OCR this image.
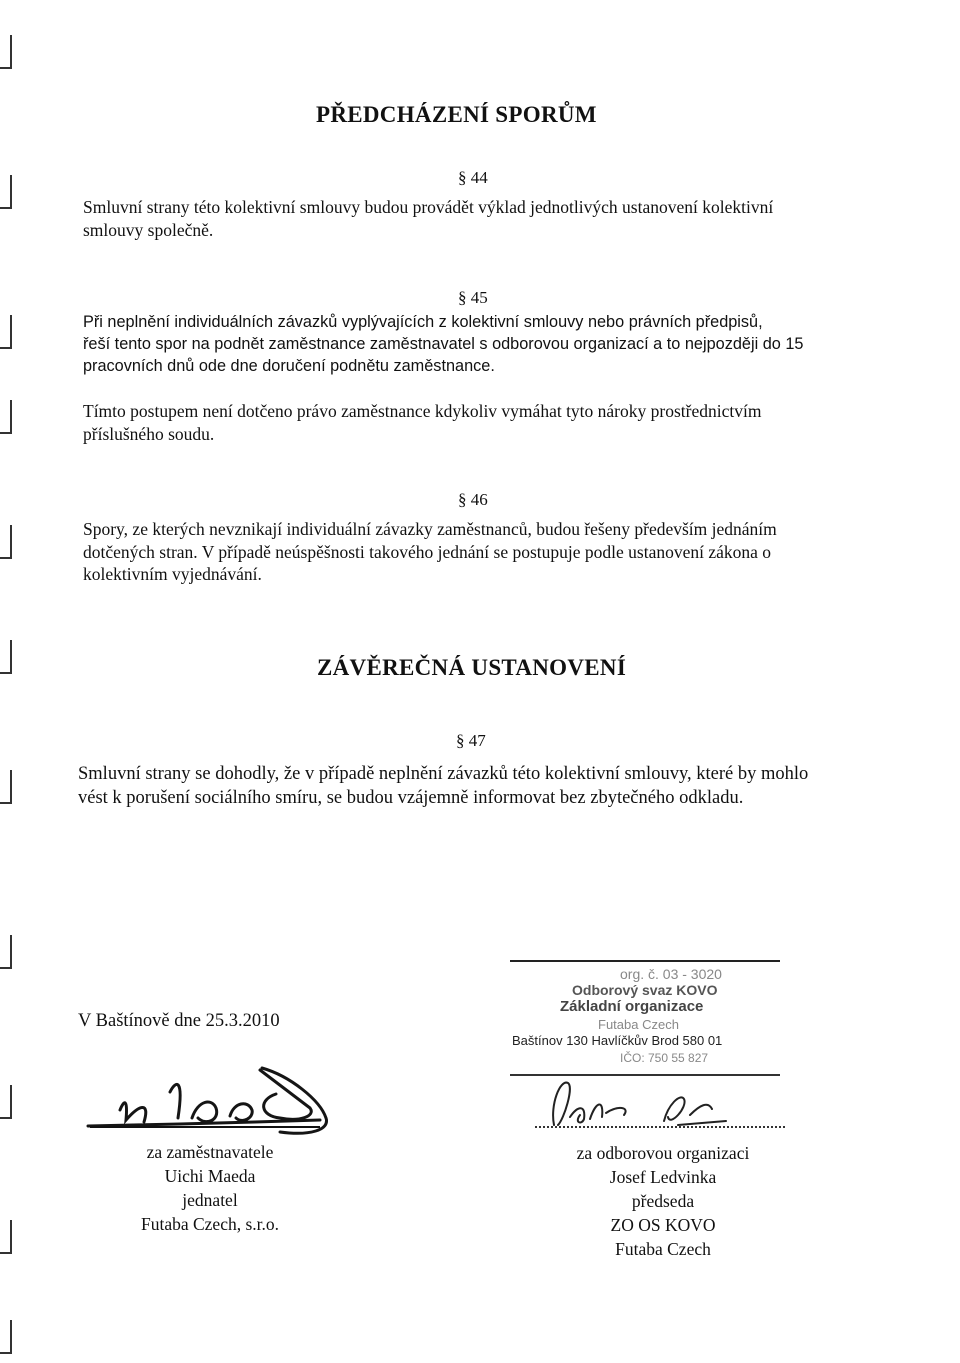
PŘEDCHÁZENÍ SPORŮM
§ 44

Smluvní strany této kolektivní smlouvy budou provádět výklad jednotlivých ustanovení kolektivní

smlouvy společně.

§ 45

Při neplnění individuálních závazků vyplývajících z kolektivní smlouvy nebo právních předpisů,

řeší tento spor na podnět zaměstnance zaměstnavatel s odborovou organizací a to nejpozději do 15

pracovních dnů ode dne doručení podnětu zaměstnance.

Tímto postupem není dotčeno právo zaměstnance kdykoliv vymáhat tyto nároky prostřednictvím

příslušného soudu.

§ 46

Spory, ze kterých nevznikají individuální závazky zaměstnanců, budou řešeny především jednáním

dotčených stran. V případě neúspěšnosti takového jednání se postupuje podle ustanovení zákona o

kolektivním vyjednávání.

ZÁVĚREČNÁ USTANOVENÍ
§ 47

Smluvní strany se dohodly, že v případě neplnění závazků této kolektivní smlouvy, které by mohlo

vést k porušení sociálního smíru, se budou vzájemně informovat bez zbytečného odkladu.

V Baštínově dne 25.3.2010
org. č. 03 - 3020
Odborový svaz KOVO
Základní organizace
Futaba Czech
Baštínov 130 Havlíčkův Brod 580 01
IČO: 750 55 827
za zaměstnavatele
Uichi Maeda
jednatel
Futaba Czech, s.r.o.
za odborovou organizaci
Josef Ledvinka
předseda
ZO OS KOVO
Futaba Czech
